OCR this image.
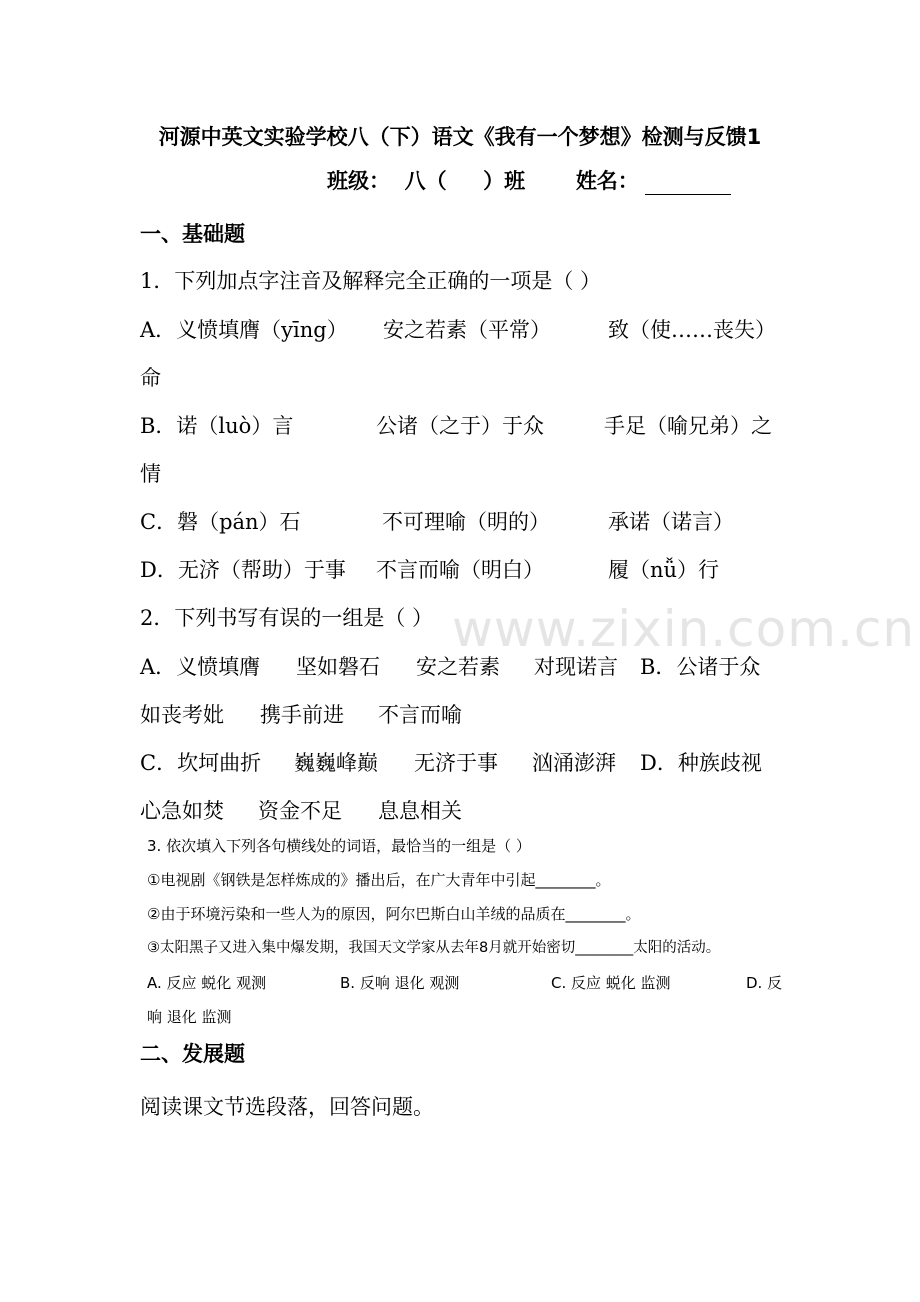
河源中英文实验学校八（下）语文《我有一个梦想》检测与反馈1
班级：  八（     ）班 姓名：
一、基础题
1．下列加点字注音及解释完全正确的一项是（ ）
A．义愤填膺（yīng） 安之若素（平常）	致（使……丧失）
命
B．诺（luò）言	公诸（之于）于众	手足（喻兄弟）之
情
C．磐（pán）石	不可理喻（明的）	承诺（诺言）
D．无济（帮助）于事 不言而喻（明白）	履（nǚ）行
2．下列书写有误的一组是（ ）
A．义愤填膺 坚如磐石 安之若素 对现诺言 B．公诸于众
如丧考妣 携手前进 不言而喻
C．坎坷曲折 巍巍峰巅 无济于事 汹涌澎湃 D．种族歧视
心急如焚 资金不足 息息相关
3. 依次填入下列各句横线处的词语，最恰当的一组是（ ）
①电视剧《钢铁是怎样炼成的》播出后，在广大青年中引起________。
②由于环境污染和一些人为的原因，阿尔巴斯白山羊绒的品质在________。
③太阳黑子又进入集中爆发期，我国天文学家从去年8月就开始密切________太阳的活动。
A. 反应 蜕化 观测	B. 反响 退化 观测	C. 反应 蜕化 监测	D. 反
响 退化 监测
二、发展题
阅读课文节选段落，回答问题。
www.zixin.com.cn
